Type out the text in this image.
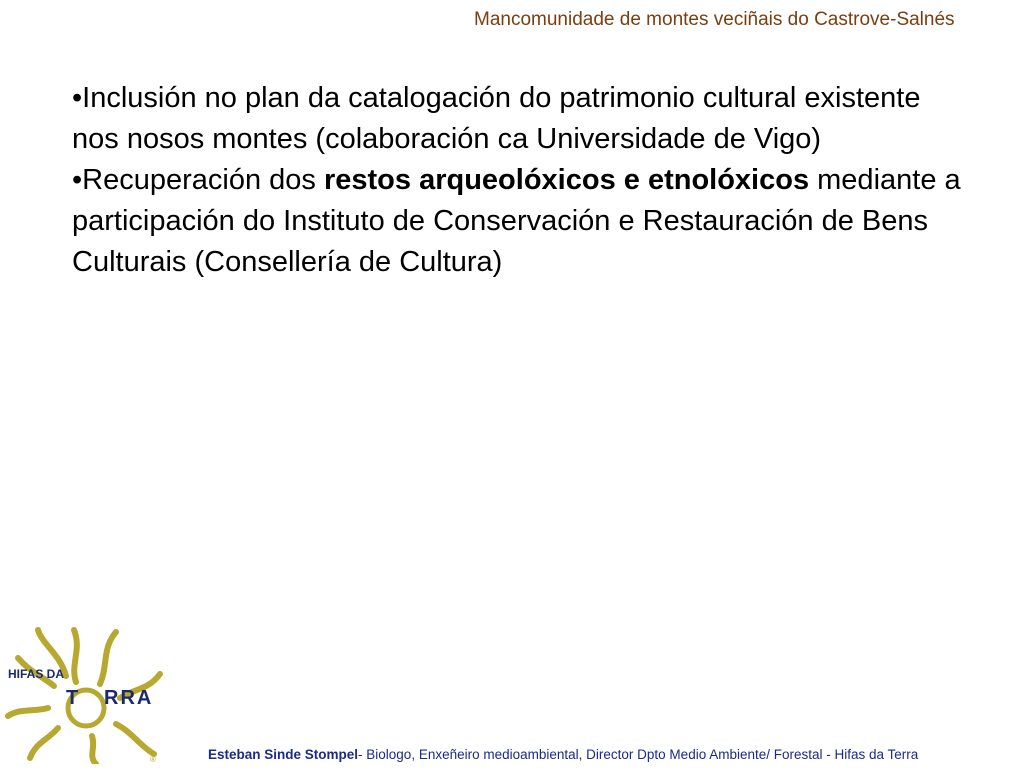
Mancomunidade de montes veciñais do Castrove-Salnés

•Inclusión no plan da catalogación do patrimonio cultural existente nos nosos montes (colaboración ca Universidade de Vigo)

•Recuperación dos restos arqueolóxicos e etnolóxicos mediante a participación do Instituto de Conservación e Restauración de Bens Culturais (Consellería de Cultura)

HIFAS DA
T RRA
®	Esteban Sinde Stompel- Biologo, Enxeñeiro medioambiental, Director Dpto Medio Ambiente/ Forestal - Hifas da Terra
